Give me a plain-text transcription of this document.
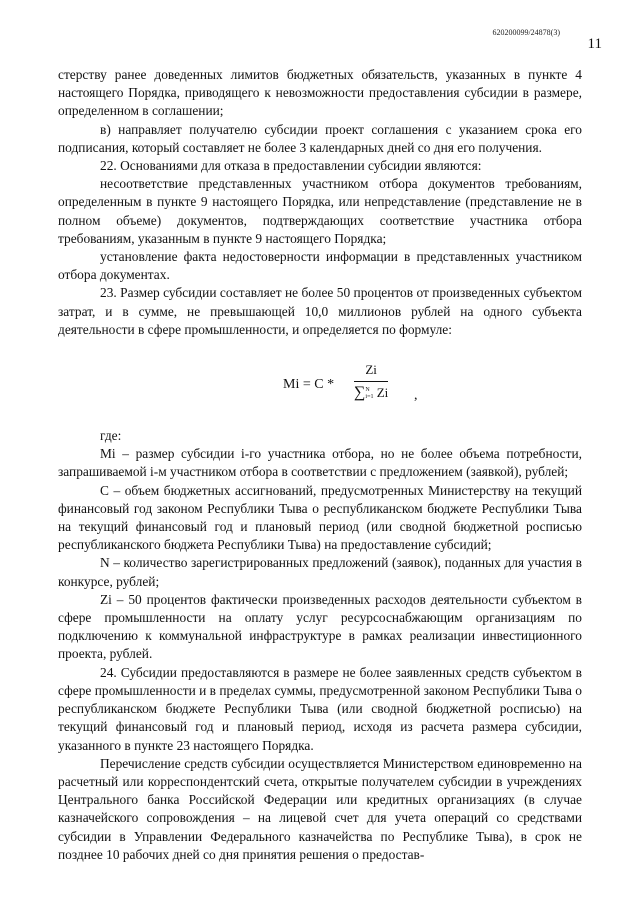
620200099/24878(3)
11

стерству ранее доведенных лимитов бюджетных обязательств, указанных в пункте 4 настоящего Порядка, приводящего к невозможности предоставления субсидии в размере, определенном в соглашении;

в) направляет получателю субсидии проект соглашения с указанием срока его подписания, который составляет не более 3 календарных дней со дня его получения.

22. Основаниями для отказа в предоставлении субсидии являются:

несоответствие представленных участником отбора документов требованиям, определенным в пункте 9 настоящего Порядка, или непредставление (представление не в полном объеме) документов, подтверждающих соответствие участника отбора требованиям, указанным в пункте 9 настоящего Порядка;

установление факта недостоверности информации в представленных участником отбора документах.

23. Размер субсидии составляет не более 50 процентов от произведенных субъектом затрат, и в сумме, не превышающей 10,0 миллионов рублей на одного субъекта деятельности в сфере промышленности, и определяется по формуле:

Mi = C *
Zi
∑ N
i=1 Zi ,

где:

Mi – размер субсидии i-го участника отбора, но не более объема потребности, запрашиваемой i-м участником отбора в соответствии с предложением (заявкой), рублей;

С – объем бюджетных ассигнований, предусмотренных Министерству на текущий финансовый год законом Республики Тыва о республиканском бюджете Республики Тыва на текущий финансовый год и плановый период (или сводной бюджетной росписью республиканского бюджета Республики Тыва) на предоставление субсидий;

N – количество зарегистрированных предложений (заявок), поданных для участия в конкурсе, рублей;

Zi – 50 процентов фактически произведенных расходов деятельности субъектом в сфере промышленности на оплату услуг ресурсоснабжающим организациям по подключению к коммунальной инфраструктуре в рамках реализации инвестиционного проекта, рублей.

24. Субсидии предоставляются в размере не более заявленных средств субъектом в сфере промышленности и в пределах суммы, предусмотренной законом Республики Тыва о республиканском бюджете Республики Тыва (или сводной бюджетной росписью) на текущий финансовый год и плановый период, исходя из расчета размера субсидии, указанного в пункте 23 настоящего Порядка.

Перечисление средств субсидии осуществляется Министерством единовременно на расчетный или корреспондентский счета, открытые получателем субсидии в учреждениях Центрального банка Российской Федерации или кредитных организациях (в случае казначейского сопровождения – на лицевой счет для учета операций со средствами субсидии в Управлении Федерального казначейства по Республике Тыва), в срок не позднее 10 рабочих дней со дня принятия решения о предостав-
